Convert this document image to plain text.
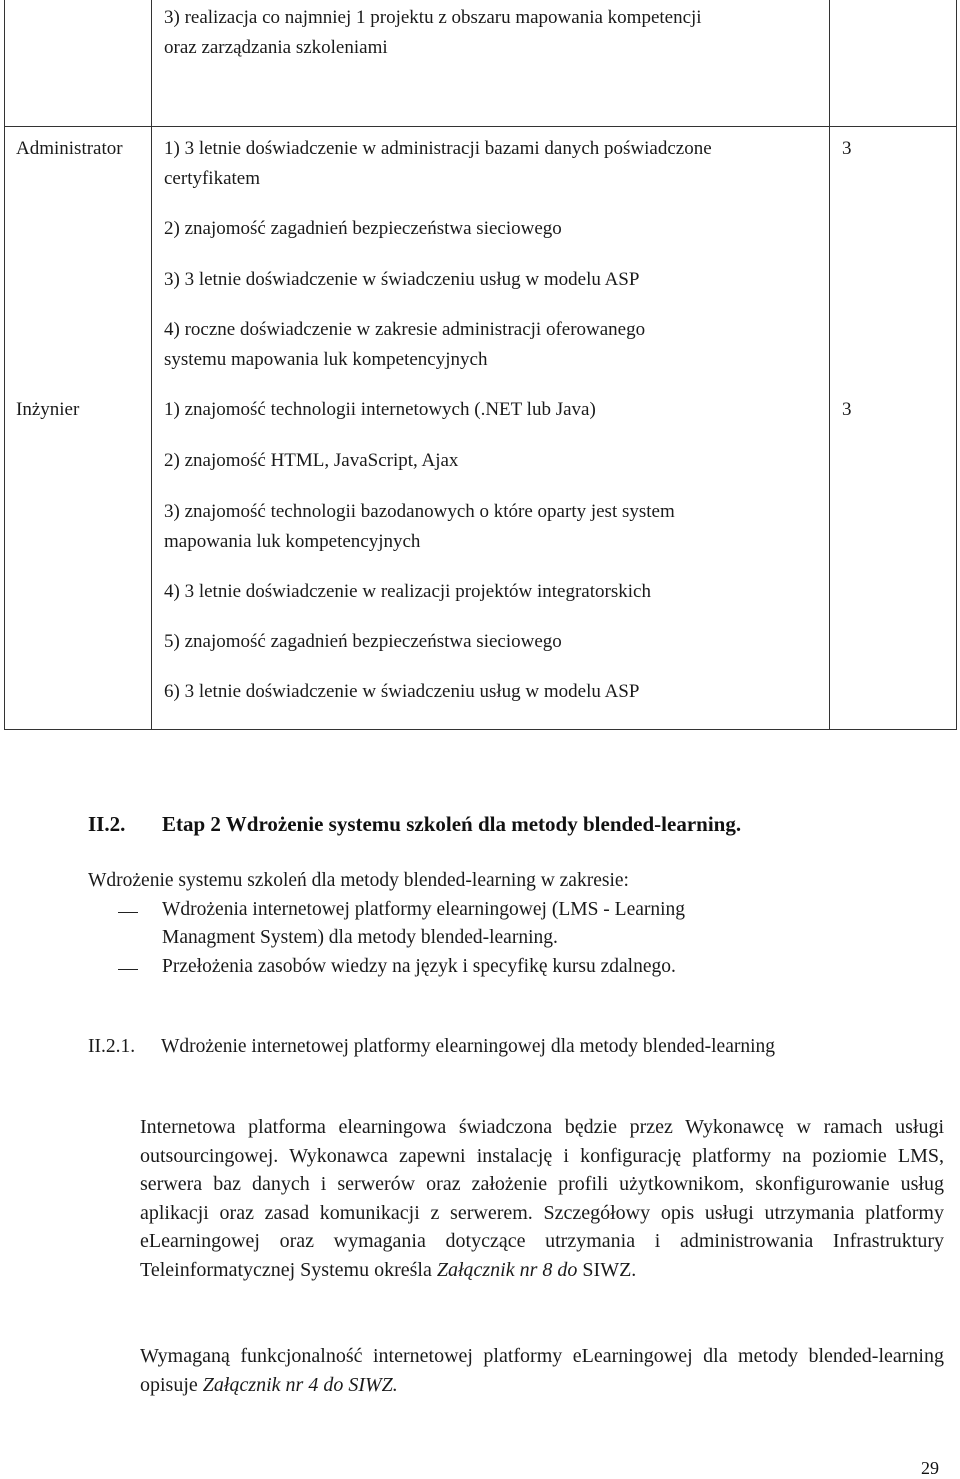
3) realizacja co najmniej 1 projektu z obszaru mapowania kompetencji
oraz zarządzania szkoleniami
Administrator	3
1) 3 letnie doświadczenie w administracji bazami danych poświadczone
certyfikatem
2) znajomość zagadnień bezpieczeństwa sieciowego
3) 3 letnie doświadczenie w świadczeniu usług w modelu ASP
4) roczne doświadczenie w zakresie administracji oferowanego
systemu mapowania luk kompetencyjnych
Inżynier	3
1) znajomość technologii internetowych (.NET lub Java)
2) znajomość HTML, JavaScript, Ajax
3) znajomość technologii bazodanowych o które oparty jest system
mapowania luk kompetencyjnych
4) 3 letnie doświadczenie w realizacji projektów integratorskich
5) znajomość zagadnień bezpieczeństwa sieciowego
6) 3 letnie doświadczenie w świadczeniu usług w modelu ASP
II.2. Etap 2 Wdrożenie systemu szkoleń dla metody blended-learning.
Wdrożenie systemu szkoleń dla metody blended-learning w zakresie:
Wdrożenia internetowej platformy elearningowej (LMS - Learning
Managment System) dla metody blended-learning.
Przełożenia zasobów wiedzy na język i specyfikę kursu zdalnego.
II.2.1. Wdrożenie internetowej platformy elearningowej dla metody blended-learning
Internetowa platforma elearningowa świadczona będzie przez Wykonawcę w ramach usługi outsourcingowej. Wykonawca zapewni instalację i konfigurację platformy na poziomie LMS, serwera baz danych i serwerów oraz założenie profili użytkownikom, skonfigurowanie usług aplikacji oraz zasad komunikacji z serwerem. Szczegółowy opis usługi utrzymania platformy eLearningowej oraz wymagania dotyczące utrzymania i administrowania Infrastruktury Teleinformatycznej Systemu określa Załącznik nr 8 do SIWZ.
Wymaganą funkcjonalność internetowej platformy eLearningowej dla metody blended-learning opisuje Załącznik nr 4 do SIWZ.
29
